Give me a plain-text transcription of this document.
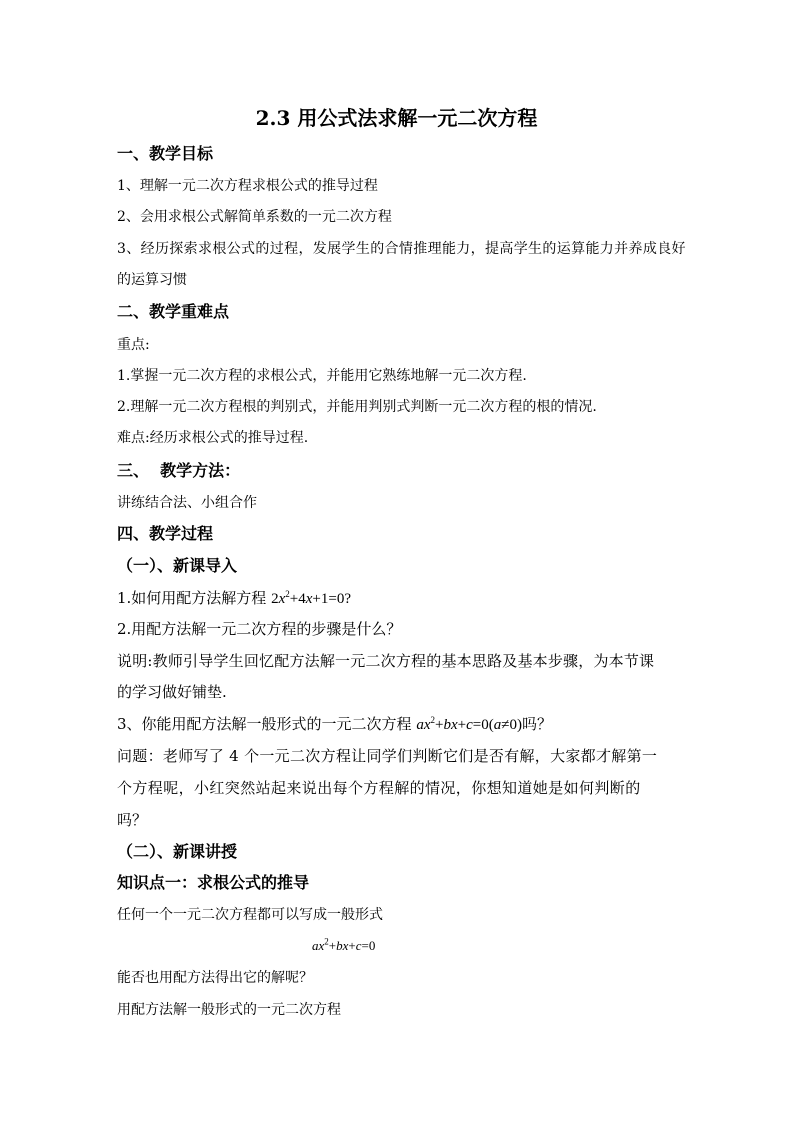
2.3 用公式法求解一元二次方程
一、教学目标
1、理解一元二次方程求根公式的推导过程
2、会用求根公式解简单系数的一元二次方程
3、经历探索求根公式的过程，发展学生的合情推理能力，提高学生的运算能力并养成良好
的运算习惯
二、教学重难点
重点:
1.掌握一元二次方程的求根公式，并能用它熟练地解一元二次方程.
2.理解一元二次方程根的判别式，并能用判别式判断一元二次方程的根的情况.
难点:经历求根公式的推导过程.
三、  教学方法：
讲练结合法、小组合作
四、教学过程
（一）、新课导入
1.如何用配方法解方程 $2x^2+4x+1=0$?
2.用配方法解一元二次方程的步骤是什么？
说明:教师引导学生回忆配方法解一元二次方程的基本思路及基本步骤，为本节课
的学习做好铺垫.
3、你能用配方法解一般形式的一元二次方程 $ax^2+bx+c=0(a\ne 0)$吗？
问题：老师写了 4 个一元二次方程让同学们判断它们是否有解，大家都才解第一
个方程呢，小红突然站起来说出每个方程解的情况，你想知道她是如何判断的
吗？
（二）、新课讲授
知识点一：求根公式的推导
任何一个一元二次方程都可以写成一般形式
$ax^2+bx+c=0$
能否也用配方法得出它的解呢？
用配方法解一般形式的一元二次方程
